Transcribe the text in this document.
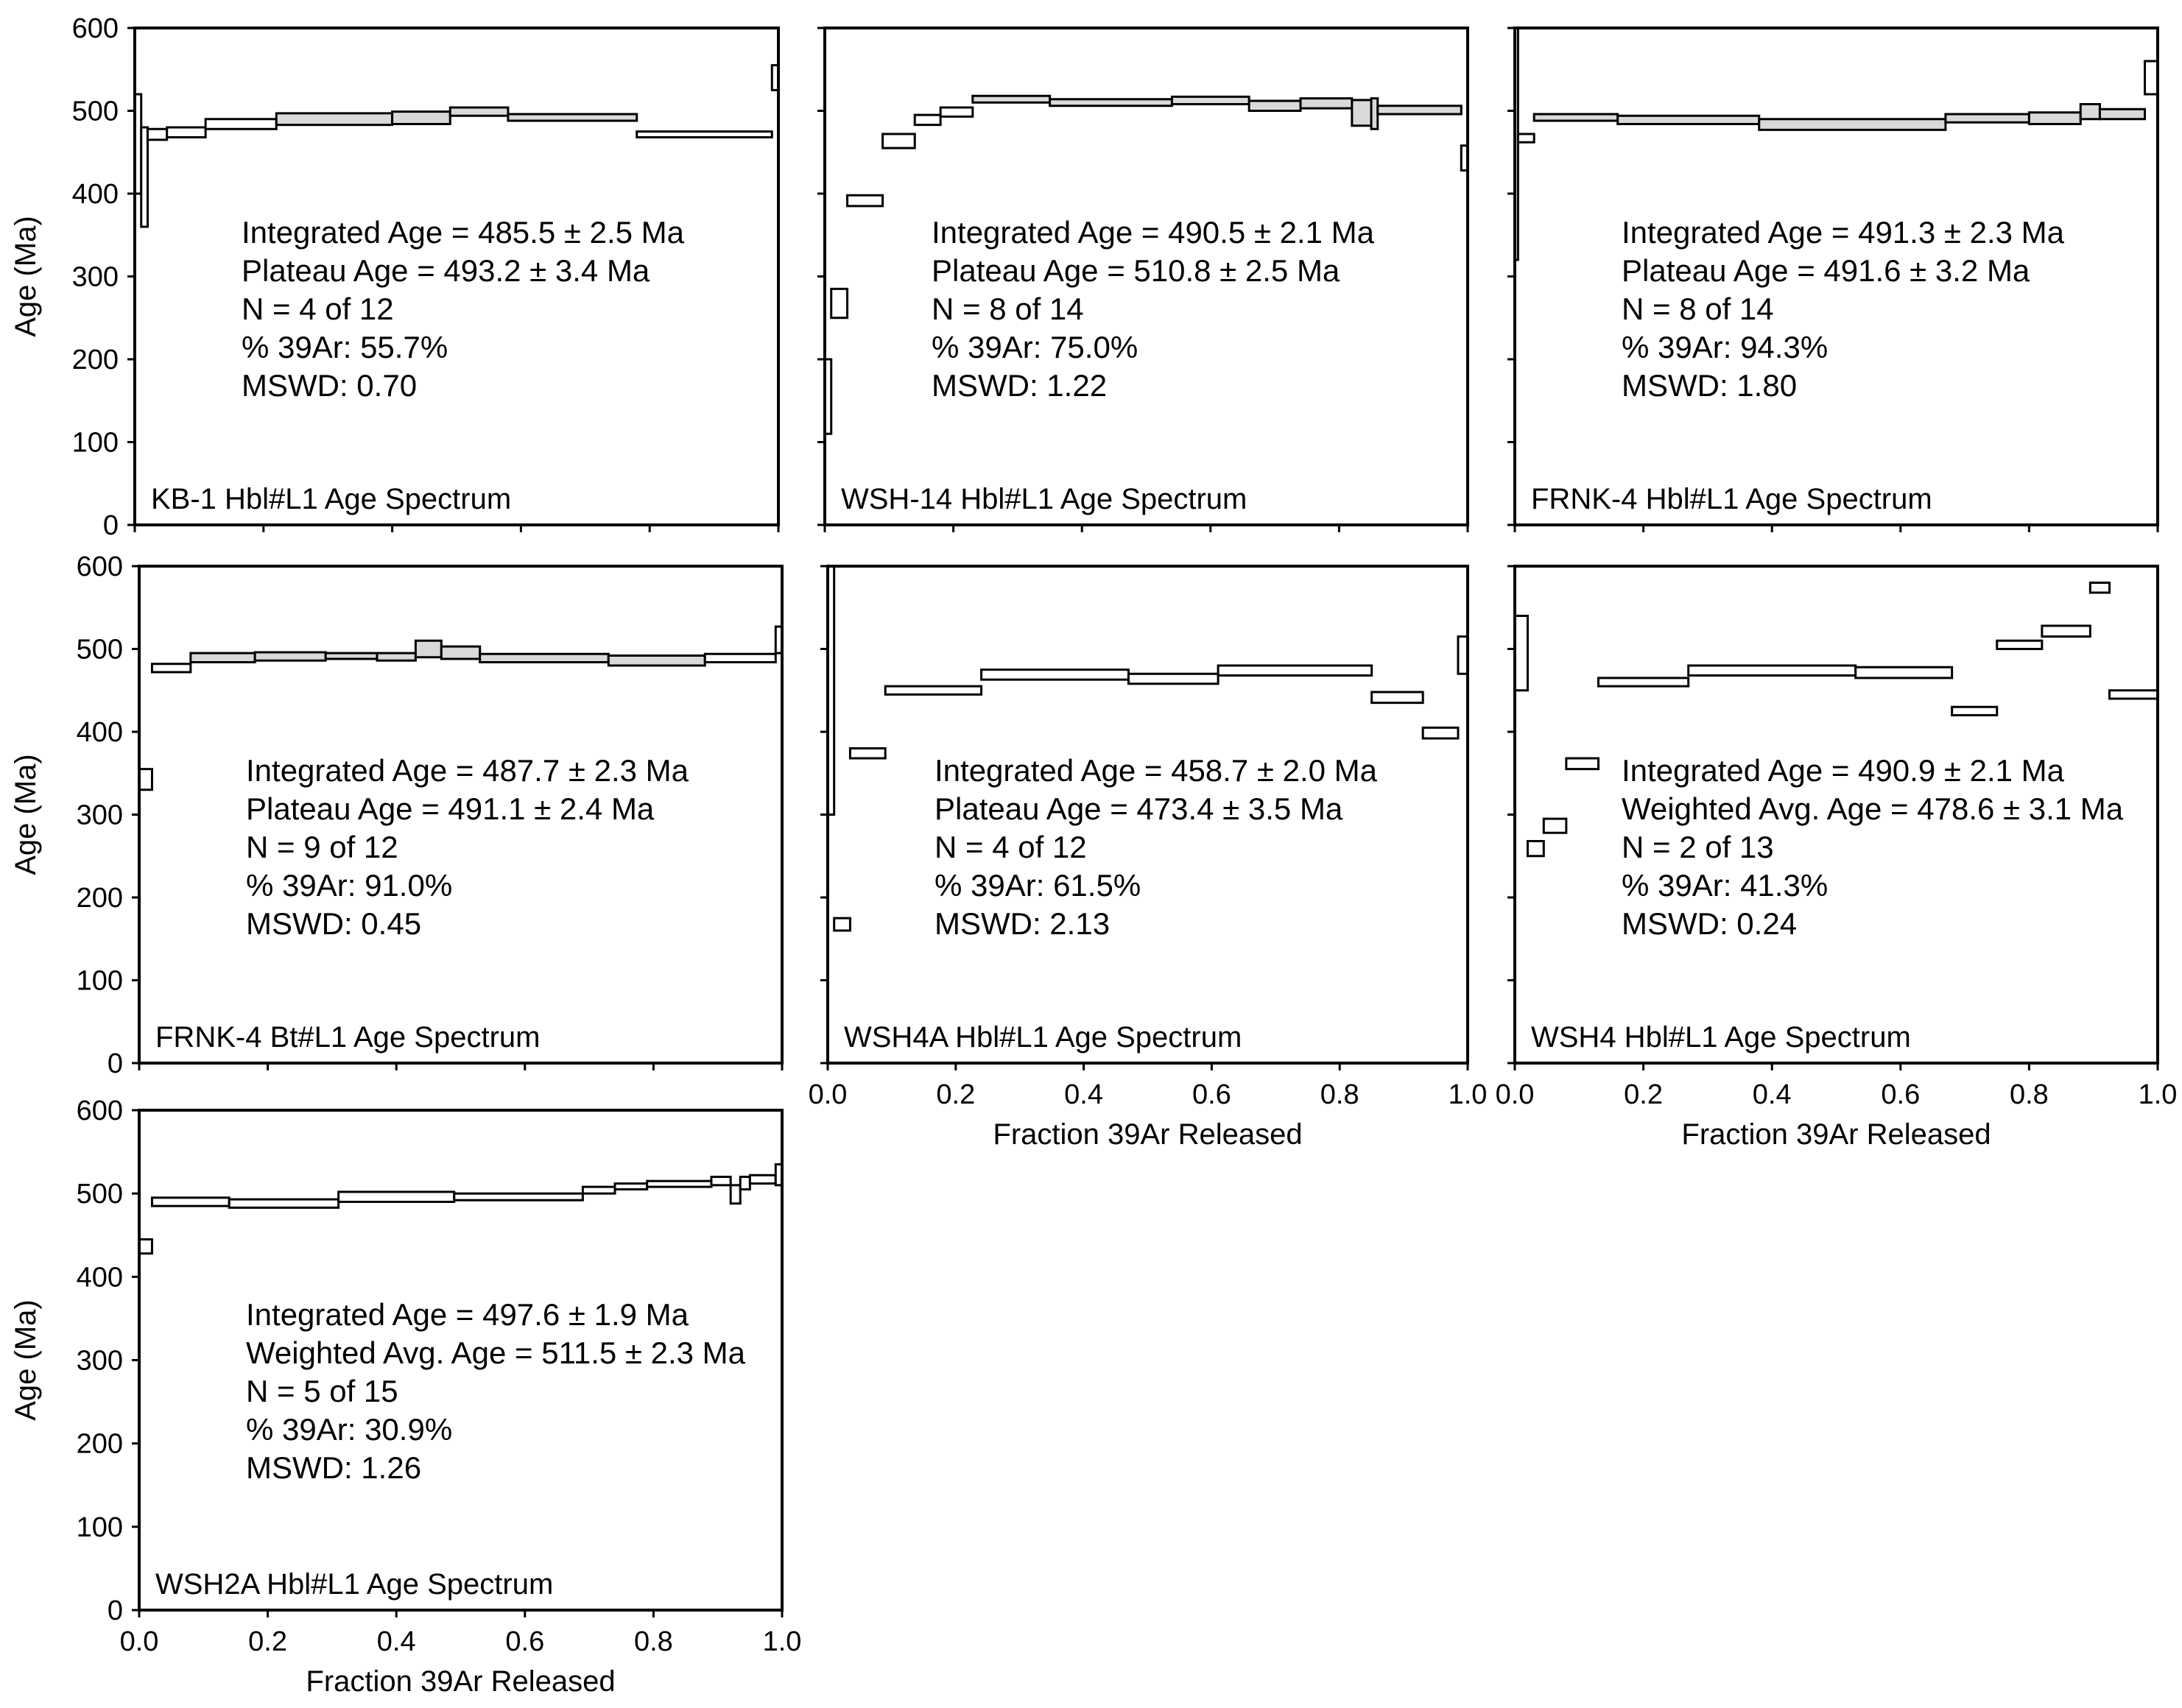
0
100
200
300
400
500
600
Age (Ma)	Integrated Age = 485.5 ± 2.5 Ma
Plateau Age = 493.2 ± 3.4 Ma
N = 4 of 12
% 39Ar: 55.7%
MSWD: 0.70
KB-1 Hbl#L1 Age Spectrum
Integrated Age = 490.5 ± 2.1 Ma
Plateau Age = 510.8 ± 2.5 Ma
N = 8 of 14
% 39Ar: 75.0%
MSWD: 1.22
WSH-14 Hbl#L1 Age Spectrum
Integrated Age = 491.3 ± 2.3 Ma
Plateau Age = 491.6 ± 3.2 Ma
N = 8 of 14
% 39Ar: 94.3%
MSWD: 1.80
FRNK-4 Hbl#L1 Age Spectrum
0
100
200
300
400
500
600
Age (Ma)	Integrated Age = 487.7 ± 2.3 Ma
Plateau Age = 491.1 ± 2.4 Ma
N = 9 of 12
% 39Ar: 91.0%
MSWD: 0.45
FRNK-4 Bt#L1 Age Spectrum
0.0	0.2	0.4	0.6	0.8	1.0
Fraction 39Ar Released
Integrated Age = 458.7 ± 2.0 Ma
Plateau Age = 473.4 ± 3.5 Ma
N = 4 of 12
% 39Ar: 61.5%
MSWD: 2.13
WSH4A Hbl#L1 Age Spectrum
0.0	0.2	0.4	0.6	0.8	1.0
Fraction 39Ar Released
Integrated Age = 490.9 ± 2.1 Ma
Weighted Avg. Age = 478.6 ± 3.1 Ma
N = 2 of 13
% 39Ar: 41.3%
MSWD: 0.24
WSH4 Hbl#L1 Age Spectrum
0
100
200
300
400
500
600
0.0	0.2	0.4	0.6	0.8	1.0
Age (Ma)
Fraction 39Ar Released
Integrated Age = 497.6 ± 1.9 Ma
Weighted Avg. Age = 511.5 ± 2.3 Ma
N = 5 of 15
% 39Ar: 30.9%
MSWD: 1.26
WSH2A Hbl#L1 Age Spectrum
